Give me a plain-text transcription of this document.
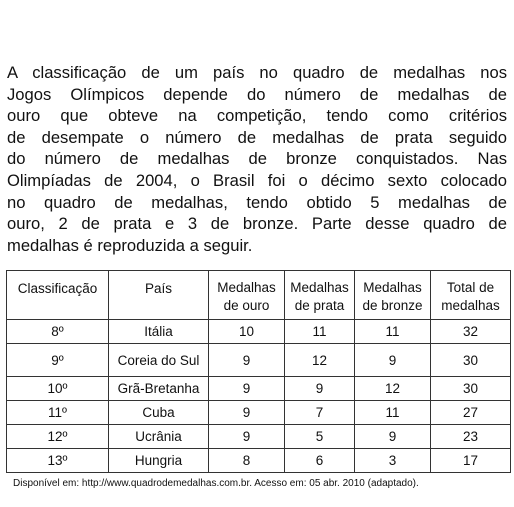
A classificação de um país no quadro de medalhas nos
Jogos Olímpicos depende do número de medalhas de
ouro que obteve na competição, tendo como critérios
de desempate o número de medalhas de prata seguido
do número de medalhas de bronze conquistados. Nas
Olimpíadas de 2004, o Brasil foi o décimo sexto colocado
no quadro de medalhas, tendo obtido 5 medalhas de
ouro, 2 de prata e 3 de bronze. Parte desse quadro de
medalhas é reproduzida a seguir.

Classificação	País	Medalhas de ouro	Medalhas de prata	Medalhas de bronze	Total de medalhas
8º	Itália	10	11	11	32
9º	Coreia do Sul	9	12	9	30
10º	Grã-Bretanha	9	9	12	30
11º	Cuba	9	7	11	27
12º	Ucrânia	9	5	9	23
13º	Hungria	8	6	3	17

Disponível em: http://www.quadrodemedalhas.com.br. Acesso em: 05 abr. 2010 (adaptado).
